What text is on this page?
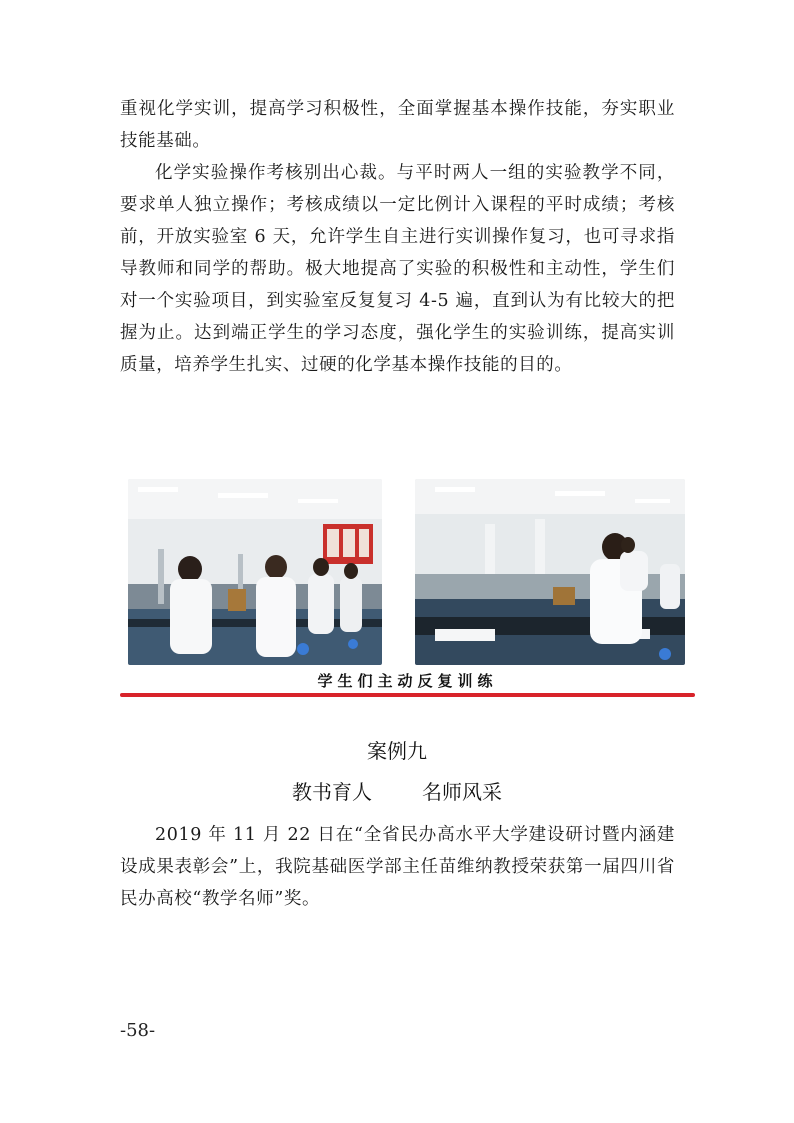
重视化学实训，提高学习积极性，全面掌握基本操作技能，夯实职业技能基础。

化学实验操作考核别出心裁。与平时两人一组的实验教学不同，要求单人独立操作；考核成绩以一定比例计入课程的平时成绩；考核前，开放实验室 6 天，允许学生自主进行实训操作复习，也可寻求指导教师和同学的帮助。极大地提高了实验的积极性和主动性，学生们对一个实验项目，到实验室反复复习 4-5 遍，直到认为有比较大的把握为止。达到端正学生的学习态度，强化学生的实验训练，提高实训质量，培养学生扎实、过硬的化学基本操作技能的目的。

学生们主动反复训练
案例九
教书育人	名师风采

2019 年 11 月 22 日在“全省民办高水平大学建设研讨暨内涵建设成果表彰会”上，我院基础医学部主任苗维纳教授荣获第一届四川省民办高校“教学名师”奖。

-58-
